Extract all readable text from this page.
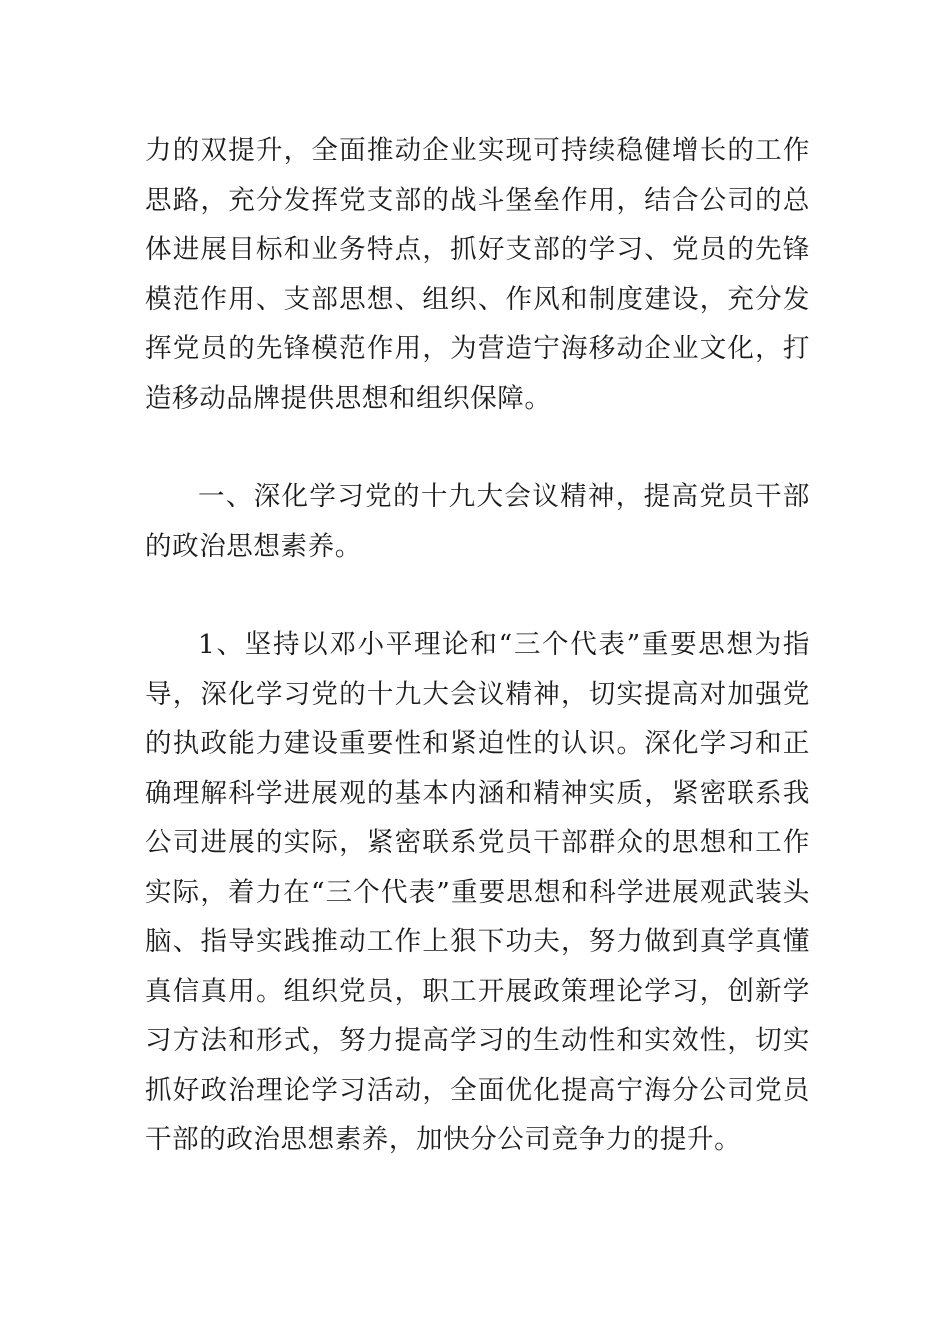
力的双提升，全面推动企业实现可持续稳健增长的工作思路，充分发挥党支部的战斗堡垒作用，结合公司的总体进展目标和业务特点，抓好支部的学习、党员的先锋模范作用、支部思想、组织、作风和制度建设，充分发挥党员的先锋模范作用，为营造宁海移动企业文化，打造移动品牌提供思想和组织保障。

一、深化学习党的十九大会议精神，提高党员干部的政治思想素养。

1、坚持以邓小平理论和“三个代表”重要思想为指导，深化学习党的十九大会议精神，切实提高对加强党的执政能力建设重要性和紧迫性的认识。深化学习和正确理解科学进展观的基本内涵和精神实质，紧密联系我公司进展的实际，紧密联系党员干部群众的思想和工作实际，着力在“三个代表”重要思想和科学进展观武装头脑、指导实践推动工作上狠下功夫，努力做到真学真懂真信真用。组织党员，职工开展政策理论学习，创新学习方法和形式，努力提高学习的生动性和实效性，切实抓好政治理论学习活动，全面优化提高宁海分公司党员干部的政治思想素养，加快分公司竞争力的提升。
